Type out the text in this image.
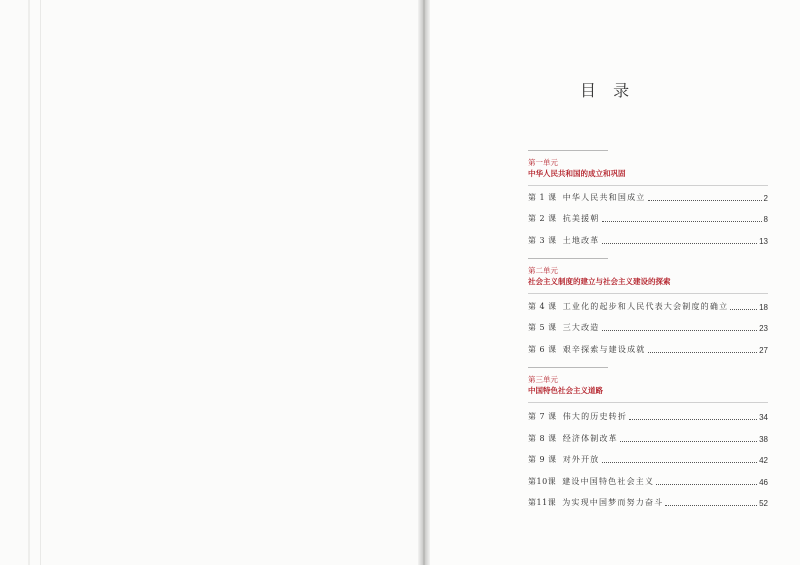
目 录
第一单元
中华人民共和国的成立和巩固
第 1 课 中华人民共和国成立	2
第 2 课 抗美援朝	8
第 3 课 土地改革	13
第二单元
社会主义制度的建立与社会主义建设的探索
第 4 课 工业化的起步和人民代表大会制度的确立	18
第 5 课 三大改造	23
第 6 课 艰辛探索与建设成就	27
第三单元
中国特色社会主义道路
第 7 课 伟大的历史转折	34
第 8 课 经济体制改革	38
第 9 课 对外开放	42
第10课 建设中国特色社会主义	46
第11课 为实现中国梦而努力奋斗	52
